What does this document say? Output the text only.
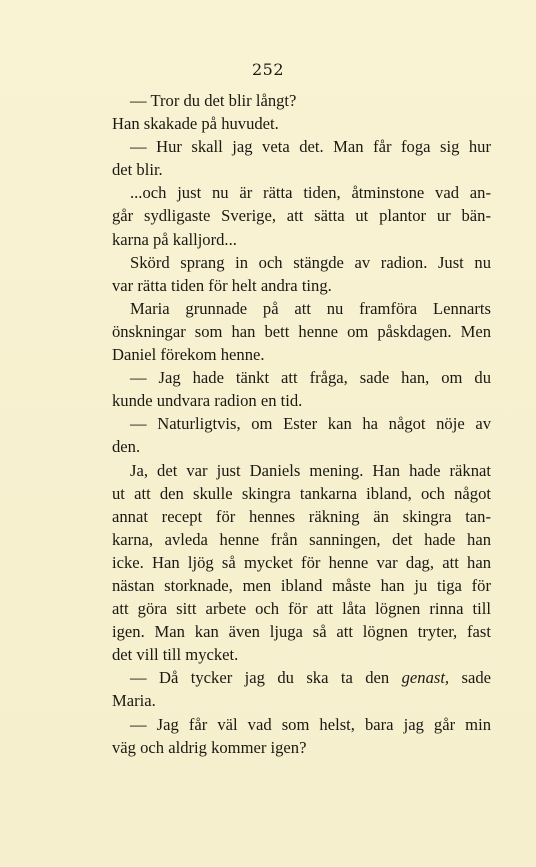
252
— Tror du det blir långt?
Han skakade på huvudet.
— Hur skall jag veta det. Man får foga sig hur
det blir.
...och just nu är rätta tiden, åtminstone vad an-
går sydligaste Sverige, att sätta ut plantor ur bän-
karna på kalljord...
Skörd sprang in och stängde av radion. Just nu
var rätta tiden för helt andra ting.
Maria grunnade på att nu framföra Lennarts
önskningar som han bett henne om påskdagen. Men
Daniel förekom henne.
— Jag hade tänkt att fråga, sade han, om du
kunde undvara radion en tid.
— Naturligtvis, om Ester kan ha något nöje av
den.
Ja, det var just Daniels mening. Han hade räknat
ut att den skulle skingra tankarna ibland, och något
annat recept för hennes räkning än skingra tan-
karna, avleda henne från sanningen, det hade han
icke. Han ljög så mycket för henne var dag, att han
nästan storknade, men ibland måste han ju tiga för
att göra sitt arbete och för att låta lögnen rinna till
igen. Man kan även ljuga så att lögnen tryter, fast
det vill till mycket.
— Då tycker jag du ska ta den genast, sade
Maria.
— Jag får väl vad som helst, bara jag går min
väg och aldrig kommer igen?
